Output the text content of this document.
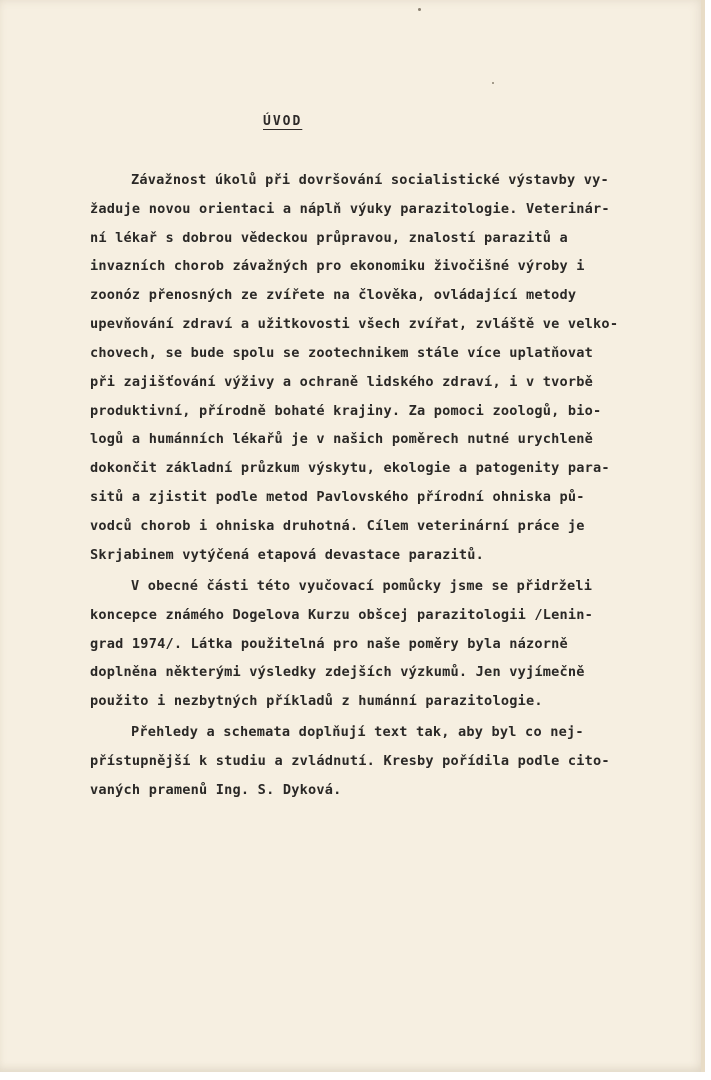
ÚVOD

Závažnost úkolů při dovršování socialistické výstavby vy-

žaduje novou orientaci a náplň výuky parazitologie. Veterinár-

ní lékař s dobrou vědeckou průpravou, znalostí parazitů a

invazních chorob závažných pro ekonomiku živočišné výroby i

zoonóz přenosných ze zvířete na člověka, ovládající metody

upevňování zdraví a užitkovosti všech zvířat, zvláště ve velko-

chovech, se bude spolu se zootechnikem stále více uplatňovat

při zajišťování výživy a ochraně lidského zdraví, i v tvorbě

produktivní, přírodně bohaté krajiny. Za pomoci zoologů, bio-

logů a humánních lékařů je v našich poměrech nutné urychleně

dokončit základní průzkum výskytu, ekologie a patogenity para-

sitů a zjistit podle metod Pavlovského přírodní ohniska pů-

vodců chorob i ohniska druhotná. Cílem veterinární práce je

Skrjabinem vytýčená etapová devastace parazitů.

V obecné části této vyučovací pomůcky jsme se přidrželi

koncepce známého Dogelova Kurzu obšcej parazitologii /Lenin-

grad 1974/. Látka použitelná pro naše poměry byla názorně

doplněna některými výsledky zdejších výzkumů. Jen vyjímečně

použito i nezbytných příkladů z humánní parazitologie.

Přehledy a schemata doplňují text tak, aby byl co nej-

přístupnější k studiu a zvládnutí. Kresby pořídila podle cito-

vaných pramenů Ing. S. Dyková.
